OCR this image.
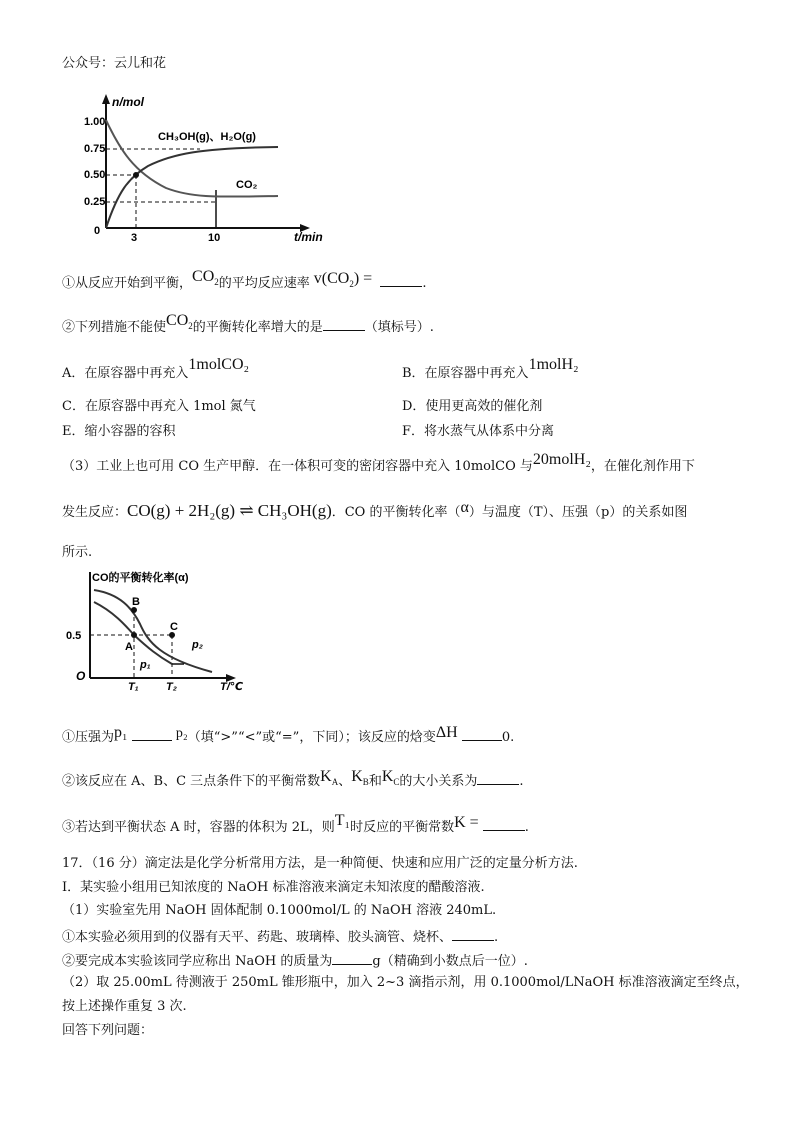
公众号：云儿和花
n/mol
t/min
1.00
0.75
0.50
0.25
0
3	10
CH₃OH(g)、H₂O(g)
CO₂
①从反应开始到平衡，$CO_2$的平均反应速率 $v(CO_2)$ =	.
②下列措施不能使$CO_2$的平衡转化率增大的是	（填标号）.
A．在原容器中再充入1molCO₂
B．在原容器中再充入1molH₂
C．在原容器中再充入 1mol 氮气	D．使用更高效的催化剂
E．缩小容器的容积	F．将水蒸气从体系中分离
（3）工业上也可用 CO 生产甲醇．在一体积可变的密闭容器中充入 10molCO 与20molH₂，在催化剂作用下
发生反应：CO(g) + 2H₂(g) ⇌ CH₃OH(g)．CO 的平衡转化率（α）与温度（T）、压强（p）的关系如图
所示.
CO的平衡转化率(α)
0.5
O
T/℃
A
B
C
p₁
p₂
T₁ T₂
①压强为p₁	p₂（填“>”“<”或“=”，下同）；该反应的焓变ΔH	0.
②该反应在 A、B、C 三点条件下的平衡常数$K_A$、$K_B$和$K_C$的大小关系为	.
③若达到平衡状态 A 时，容器的体积为 2L，则T₁时反应的平衡常数K =	.
17．（16 分）滴定法是化学分析常用方法，是一种简便、快速和应用广泛的定量分析方法.
Ⅰ．某实验小组用已知浓度的 NaOH 标准溶液来滴定未知浓度的醋酸溶液.
（1）实验室先用 NaOH 固体配制 0.1000mol/L 的 NaOH 溶液 240mL.
①本实验必须用到的仪器有天平、药匙、玻璃棒、胶头滴管、烧杯、	.
②要完成本实验该同学应称出 NaOH 的质量为	g（精确到小数点后一位）.
（2）取 25.00mL 待测液于 250mL 锥形瓶中，加入 2~3 滴指示剂，用 0.1000mol/LNaOH 标准溶液滴定至终点，
按上述操作重复 3 次.
回答下列问题：
